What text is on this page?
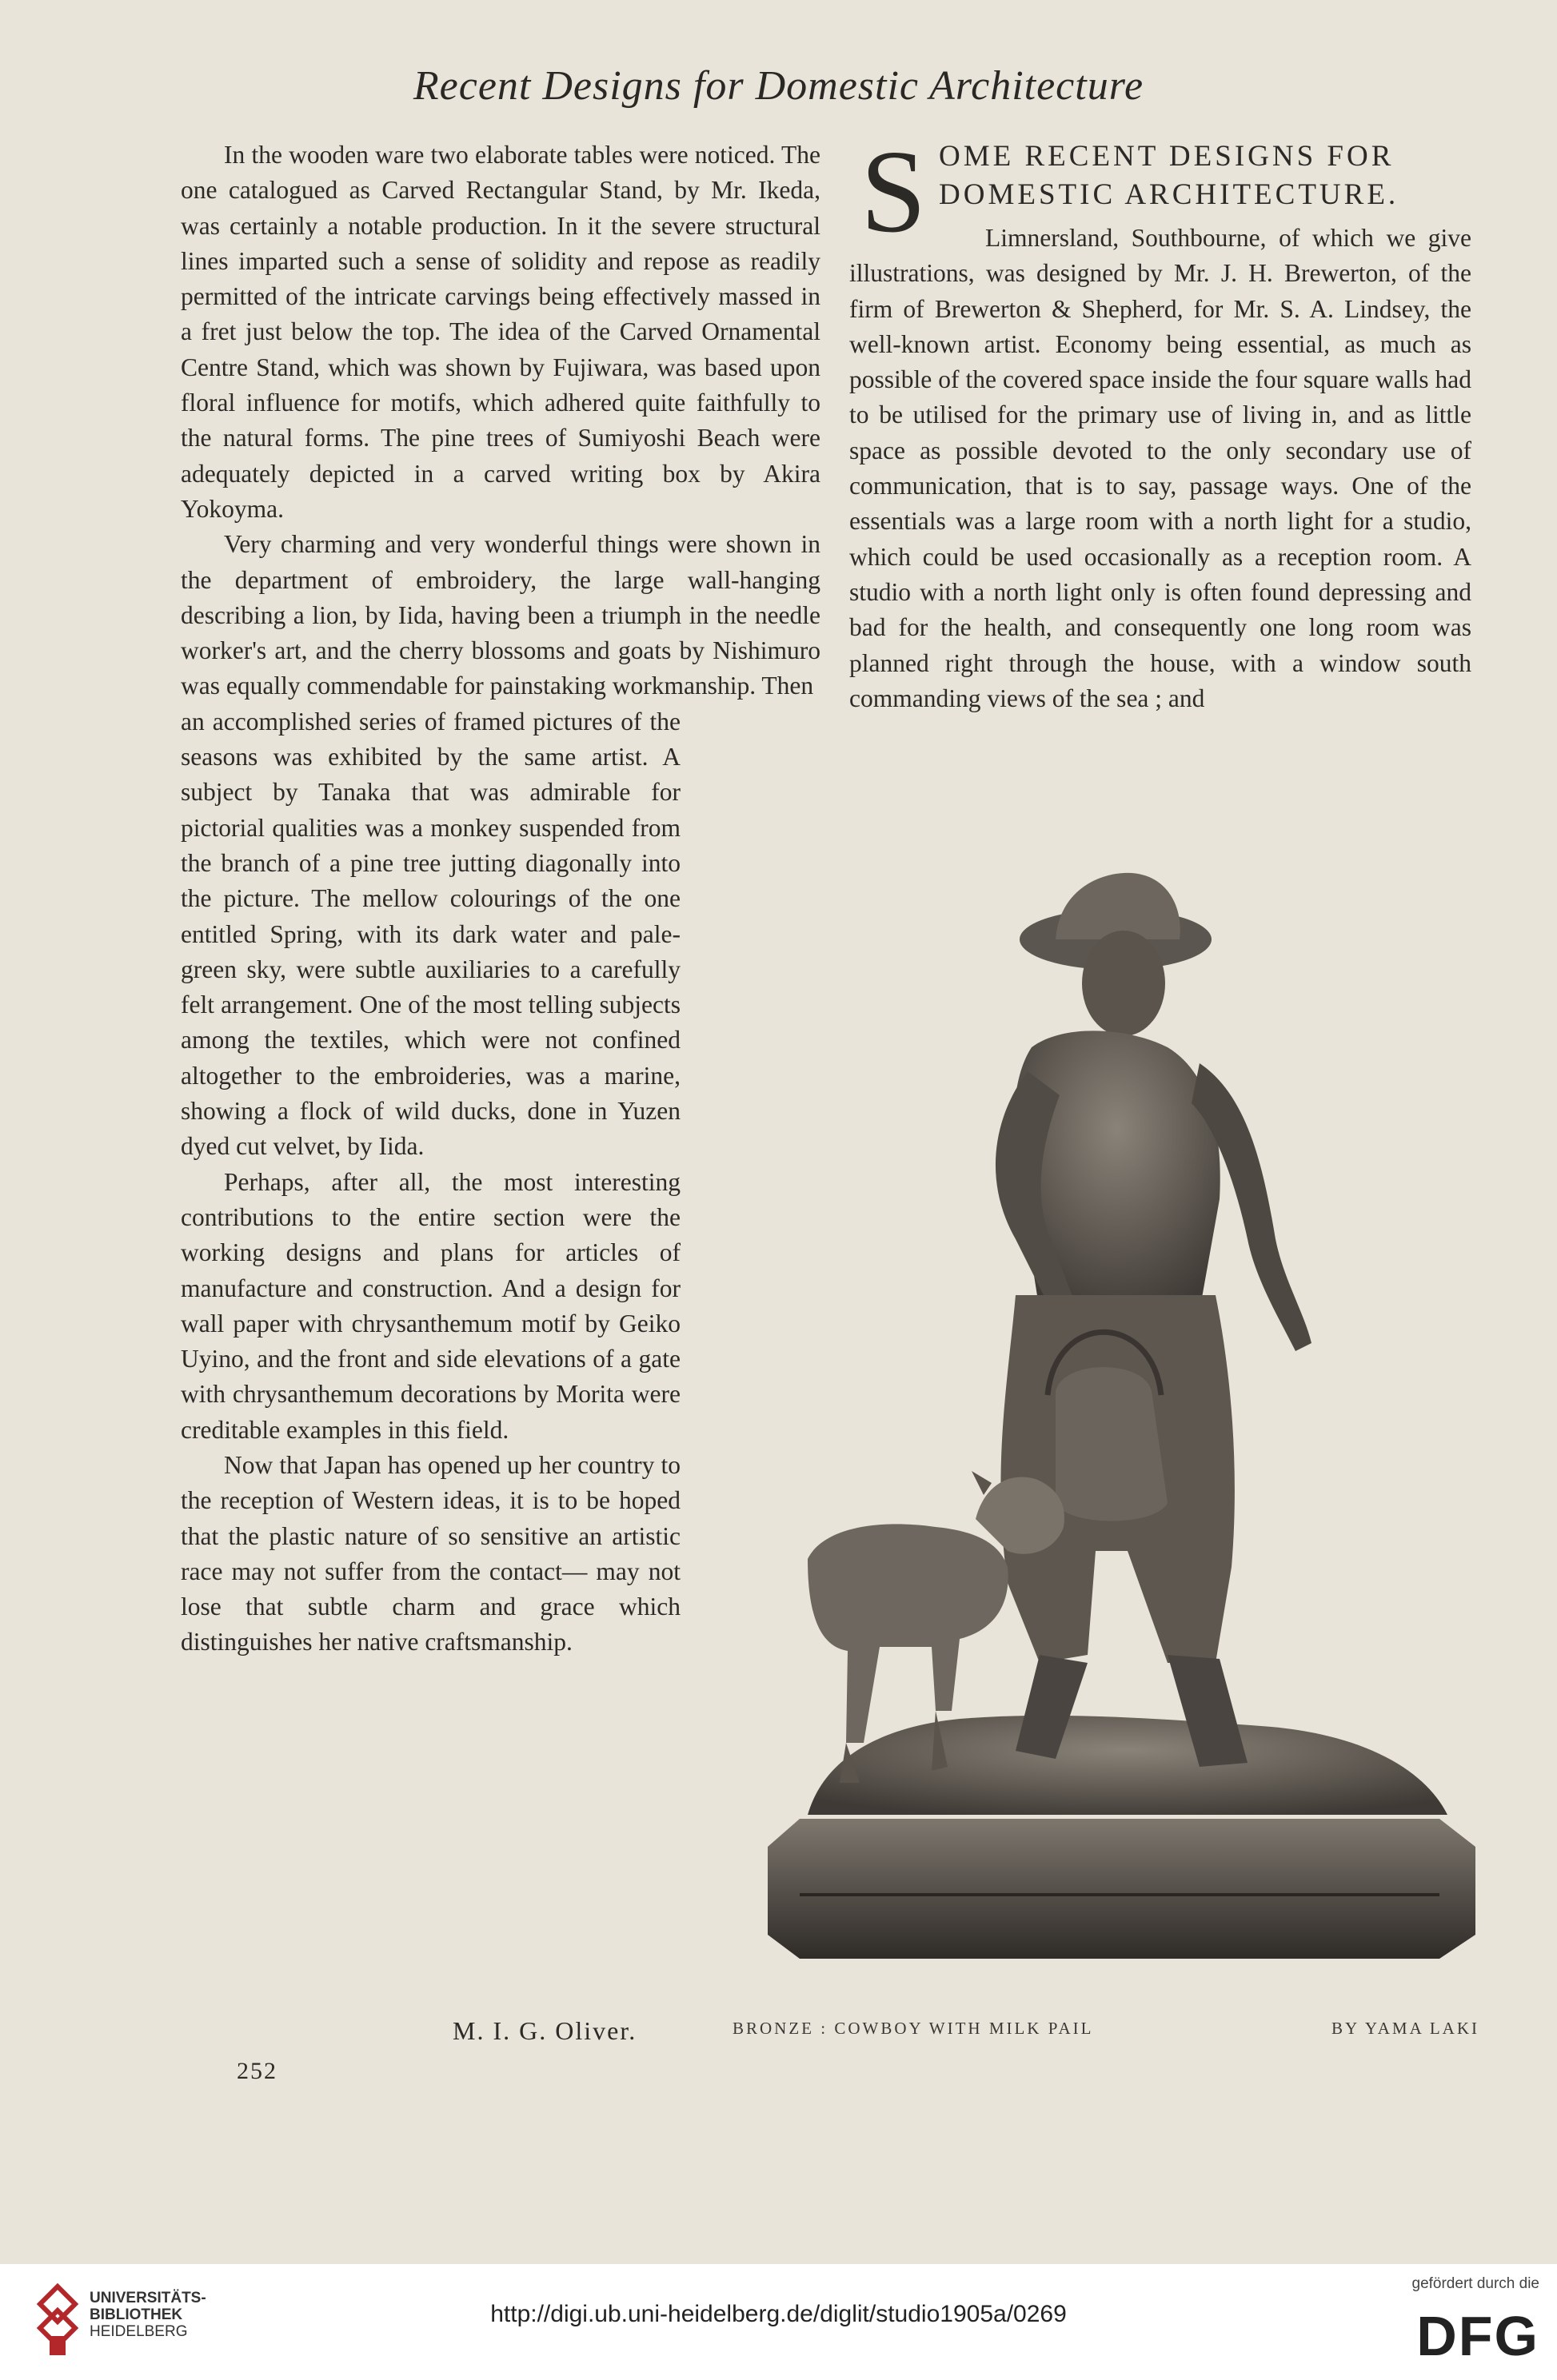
Recent Designs for Domestic Architecture

In the wooden ware two elaborate tables were noticed. The one catalogued as Carved Rectangular Stand, by Mr. Ikeda, was certainly a notable production. In it the severe structural lines imparted such a sense of solidity and repose as readily permitted of the intricate carvings being effectively massed in a fret just below the top. The idea of the Carved Ornamental Centre Stand, which was shown by Fujiwara, was based upon floral influence for motifs, which adhered quite faithfully to the natural forms. The pine trees of Sumiyoshi Beach were adequately depicted in a carved writing box by Akira Yokoyma.

Very charming and very wonderful things were shown in the department of embroidery, the large wall-hanging describing a lion, by Iida, having been a triumph in the needle worker's art, and the cherry blossoms and goats by Nishimuro was equally commendable for painstaking workmanship. Then

an accomplished series of framed pictures of the seasons was exhibited by the same artist. A subject by Tanaka that was admirable for pictorial qualities was a monkey suspended from the branch of a pine tree jutting diagonally into the picture. The mellow colourings of the one entitled Spring, with its dark water and pale-green sky, were subtle auxiliaries to a carefully felt arrangement. One of the most telling subjects among the textiles, which were not confined altogether to the embroideries, was a marine, showing a flock of wild ducks, done in Yuzen dyed cut velvet, by Iida.

Perhaps, after all, the most interesting contributions to the entire section were the working designs and plans for articles of manufacture and construction. And a design for wall paper with chrysanthemum motif by Geiko Uyino, and the front and side elevations of a gate with chrysanthemum decorations by Morita were creditable examples in this field.

Now that Japan has opened up her country to the reception of Western ideas, it is to be hoped that the plastic nature of so sensitive an artistic race may not suffer from the contact— may not lose that subtle charm and grace which distinguishes her native craftsmanship.

M. I. G. Oliver.
252
S OME RECENT DESIGNS FOR
DOMESTIC ARCHITECTURE.
Limnersland, Southbourne, of which we give illustrations, was designed by Mr. J. H. Brewerton, of the firm of Brewerton & Shepherd, for Mr. S. A. Lindsey, the well-known artist. Economy being essential, as much as possible of the covered space inside the four square walls had to be utilised for the primary use of living in, and as little space as possible devoted to the only secondary use of communication, that is to say, passage ways. One of the essentials was a large room with a north light for a studio, which could be used occasionally as a reception room. A studio with a north light only is often found depressing and bad for the health, and consequently one long room was planned right through the house, with a window south commanding views of the sea ; and
BRONZE : COWBOY WITH MILK PAIL	BY YAMA LAKI
UNIVERSITÄTS-
BIBLIOTHEK
HEIDELBERG
http://digi.ub.uni-heidelberg.de/diglit/studio1905a/0269
gefördert durch die
DFG
